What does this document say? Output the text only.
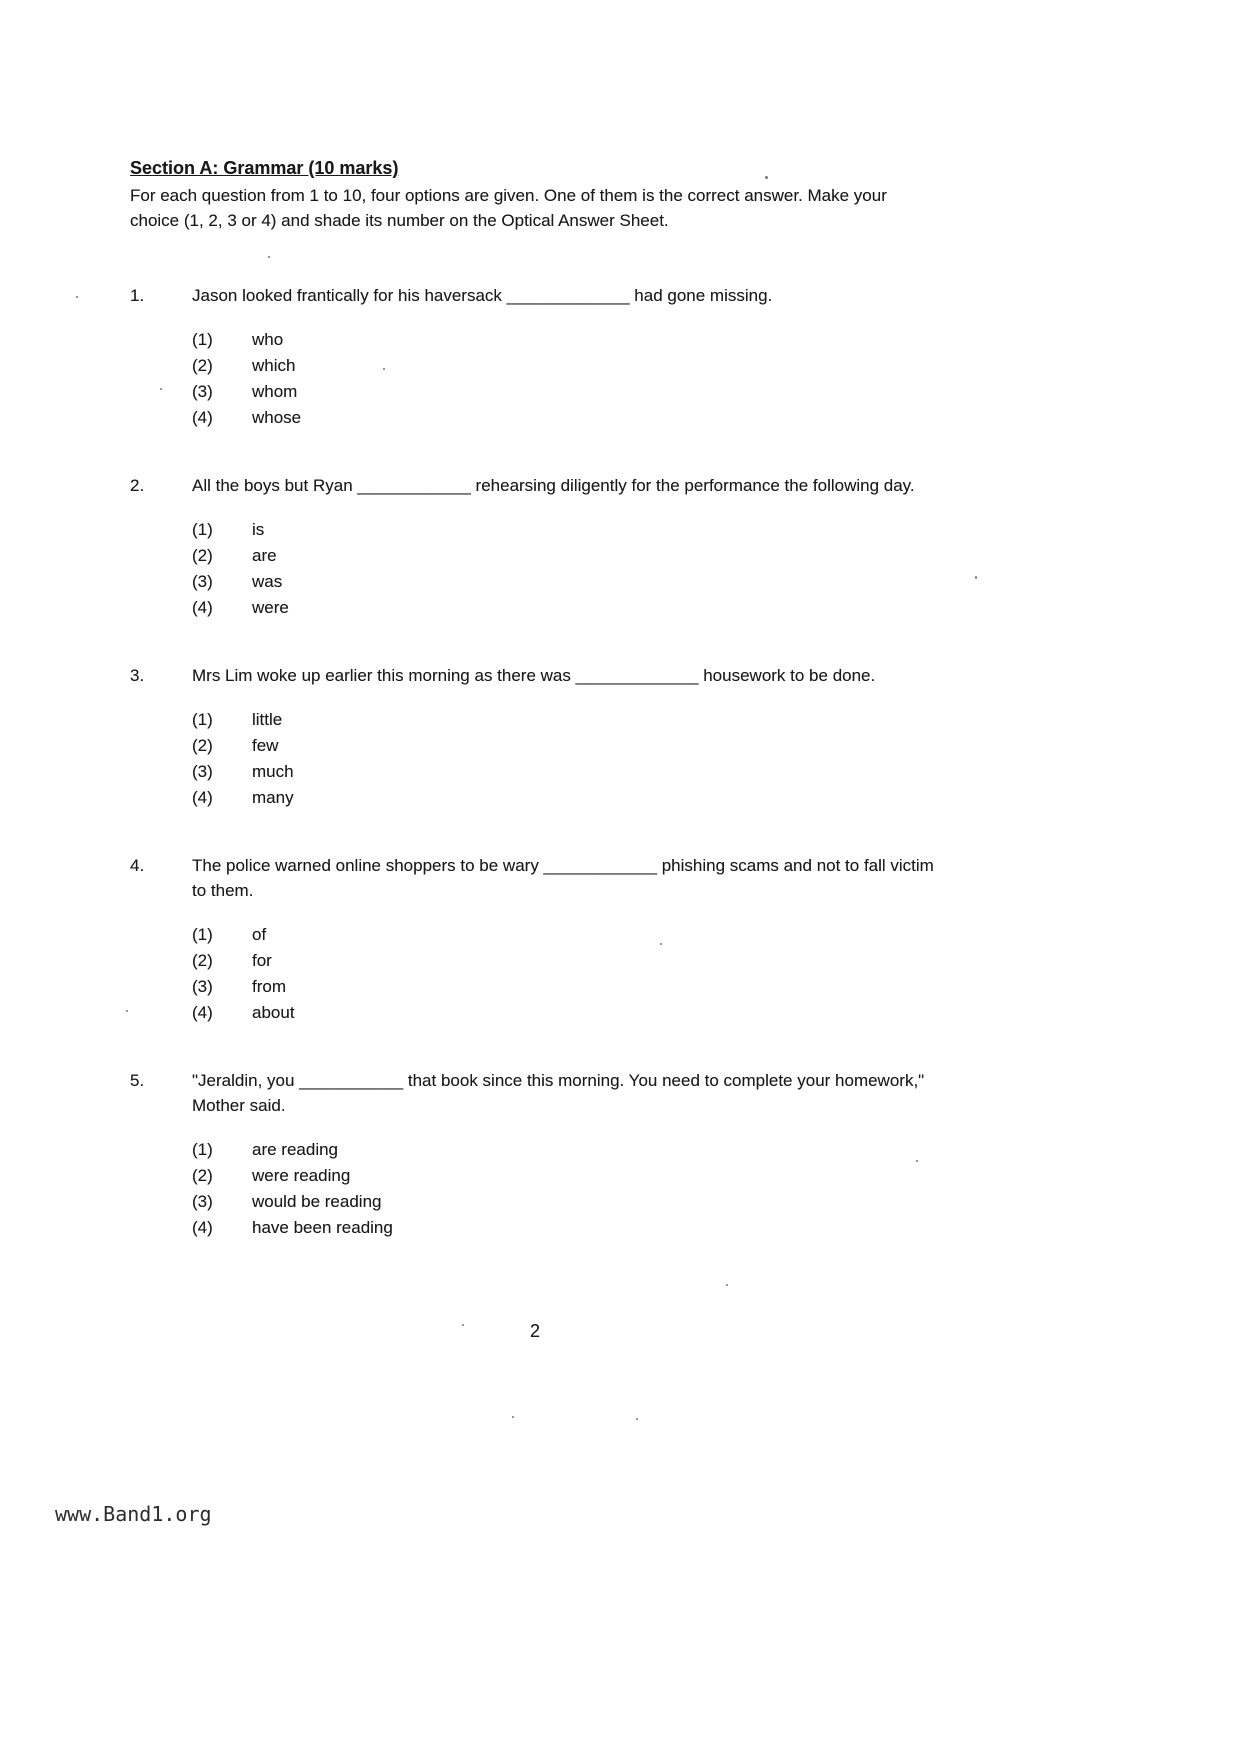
Section A: Grammar (10 marks)
For each question from 1 to 10, four options are given. One of them is the correct answer. Make your choice (1, 2, 3 or 4) and shade its number on the Optical Answer Sheet.
1.	Jason looked frantically for his haversack _____________ had gone missing.
(1)	who
(2)	which
(3)	whom
(4)	whose
2.	All the boys but Ryan ____________ rehearsing diligently for the performance the following day.
(1)	is
(2)	are
(3)	was
(4)	were
3.	Mrs Lim woke up earlier this morning as there was _____________ housework to be done.
(1)	little
(2)	few
(3)	much
(4)	many
4.	The police warned online shoppers to be wary ____________ phishing scams and not to fall victim to them.
(1)	of
(2)	for
(3)	from
(4)	about
5.	"Jeraldin, you ___________ that book since this morning. You need to complete your homework," Mother said.
(1)	are reading
(2)	were reading
(3)	would be reading
(4)	have been reading
2
www.Band1.org
